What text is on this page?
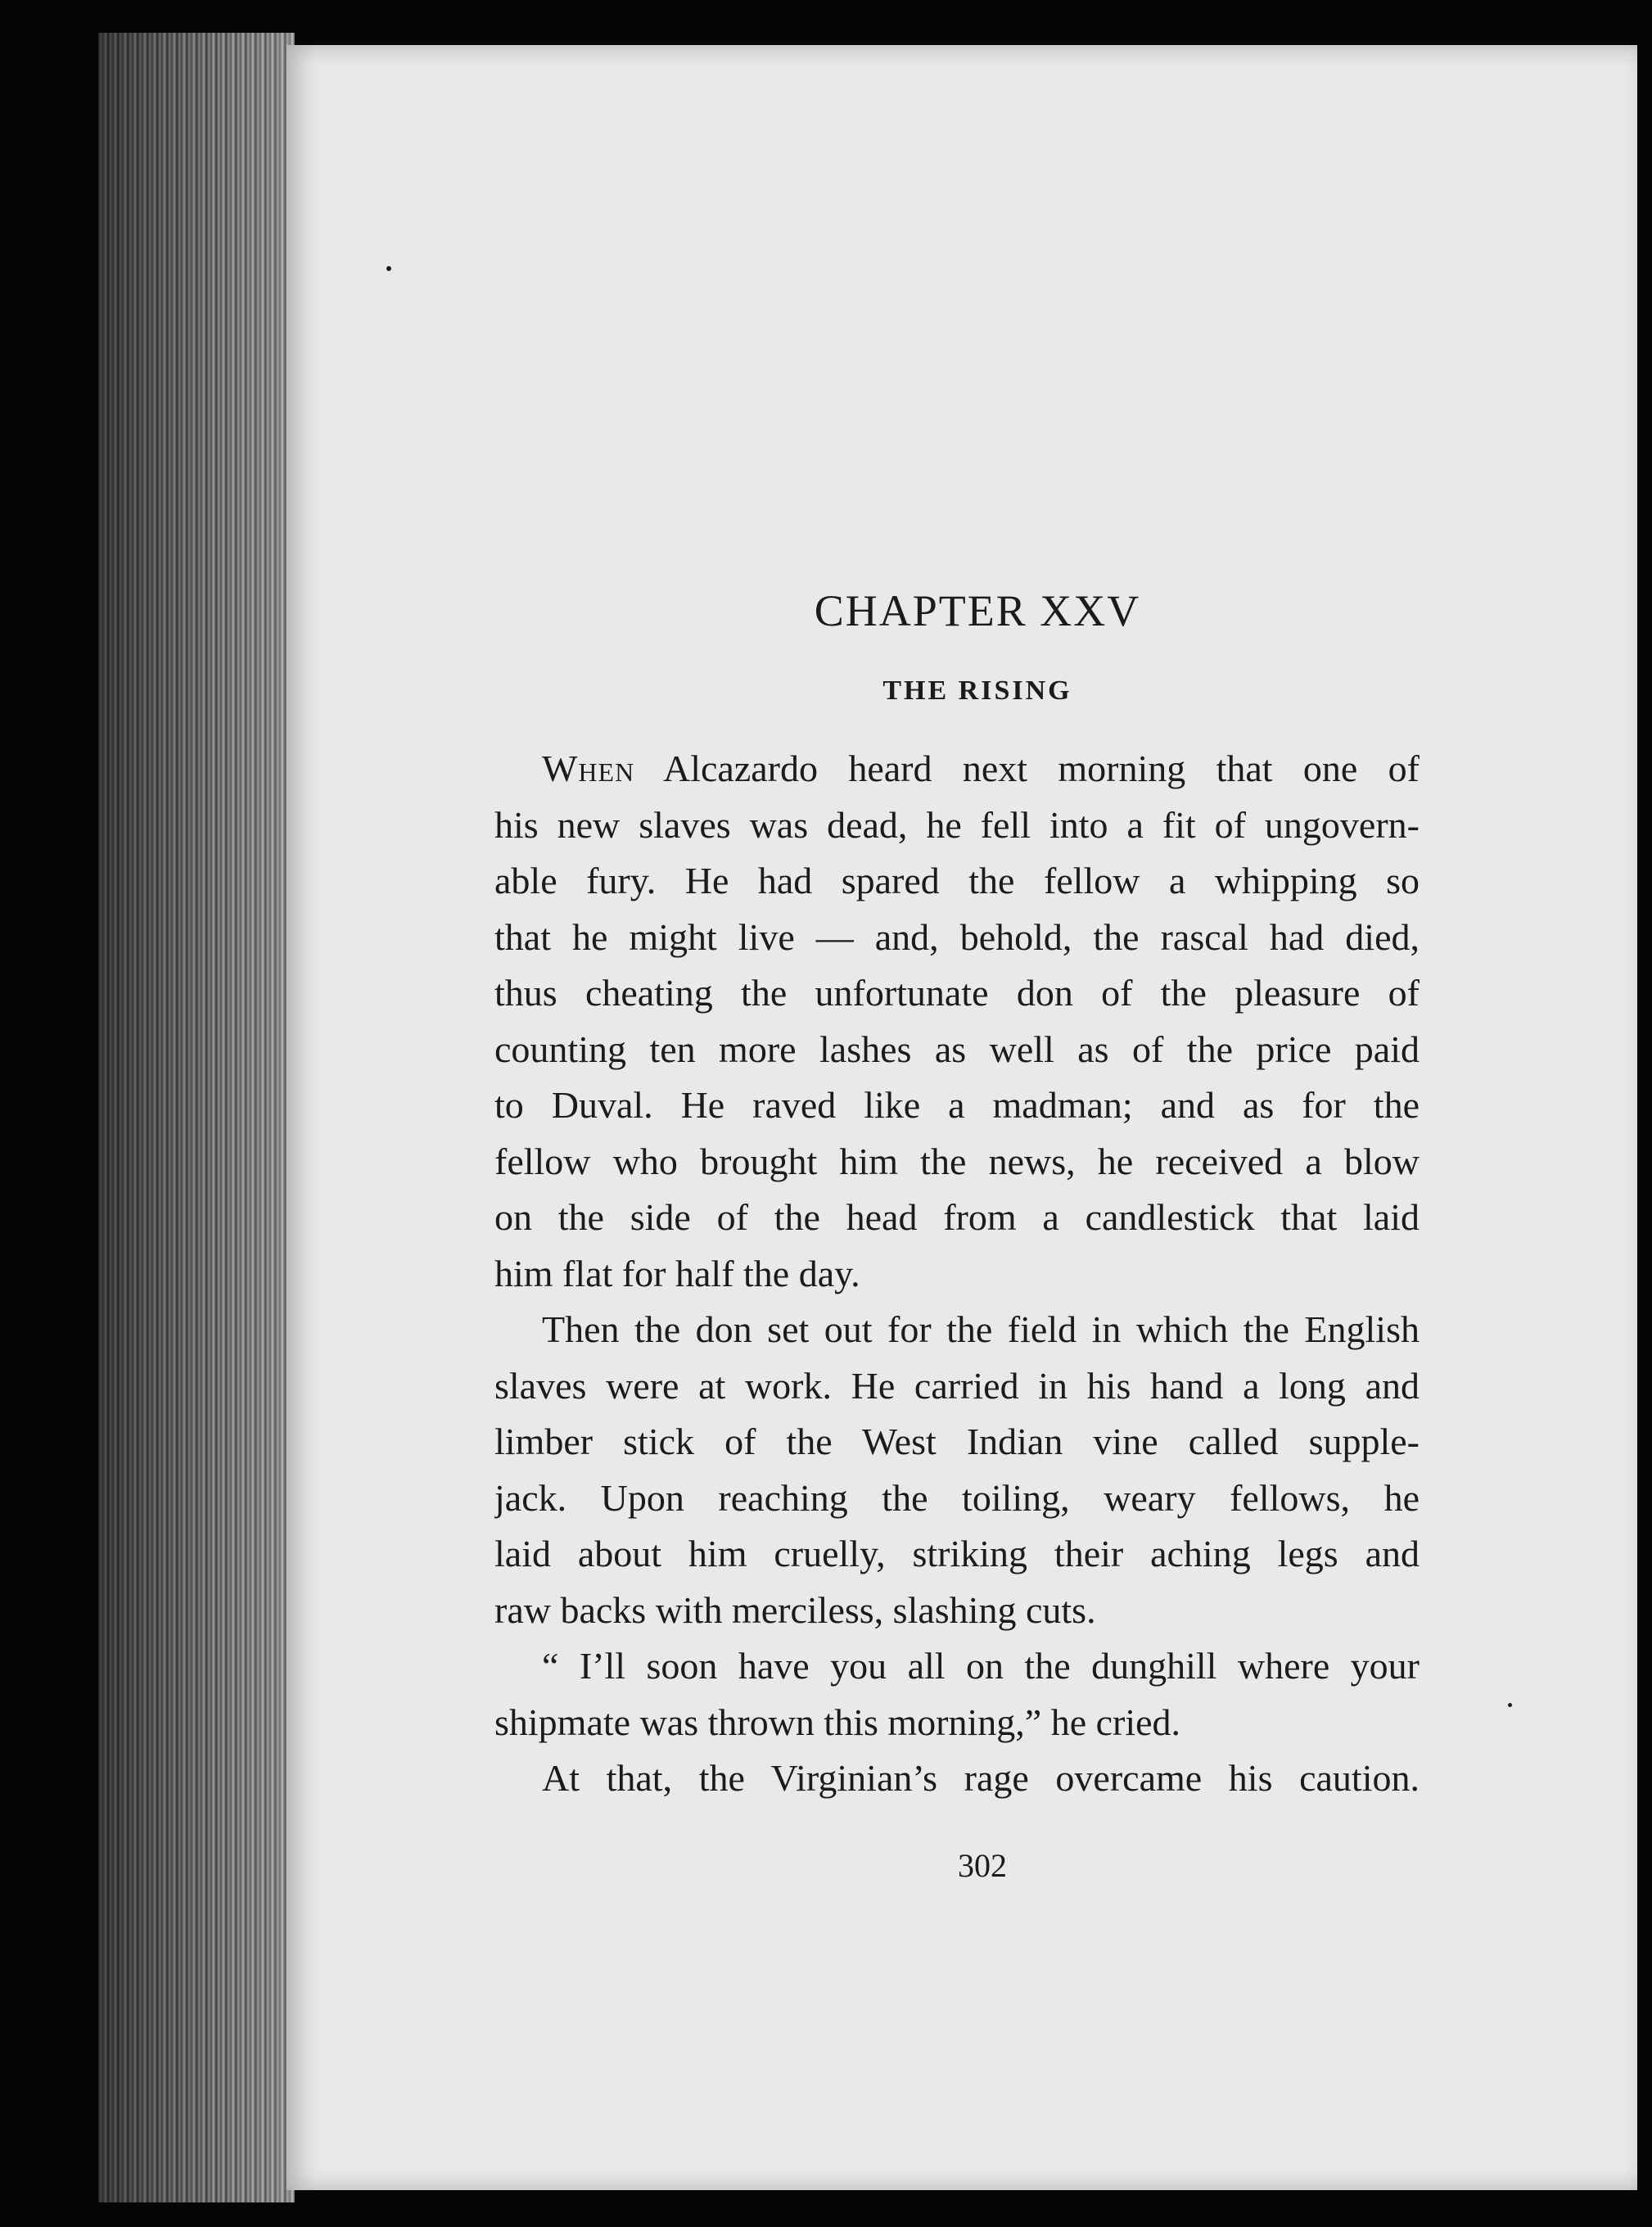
CHAPTER XXV
THE RISING
When Alcazardo heard next morning that one of
his new slaves was dead, he fell into a fit of ungovern-
able fury. He had spared the fellow a whipping so
that he might live — and, behold, the rascal had died,
thus cheating the unfortunate don of the pleasure of
counting ten more lashes as well as of the price paid
to Duval. He raved like a madman; and as for the
fellow who brought him the news, he received a blow
on the side of the head from a candlestick that laid
him flat for half the day.
Then the don set out for the field in which the English
slaves were at work. He carried in his hand a long and
limber stick of the West Indian vine called supple-
jack. Upon reaching the toiling, weary fellows, he
laid about him cruelly, striking their aching legs and
raw backs with merciless, slashing cuts.
“ I’ll soon have you all on the dunghill where your
shipmate was thrown this morning,” he cried.
At that, the Virginian’s rage overcame his caution.
302
